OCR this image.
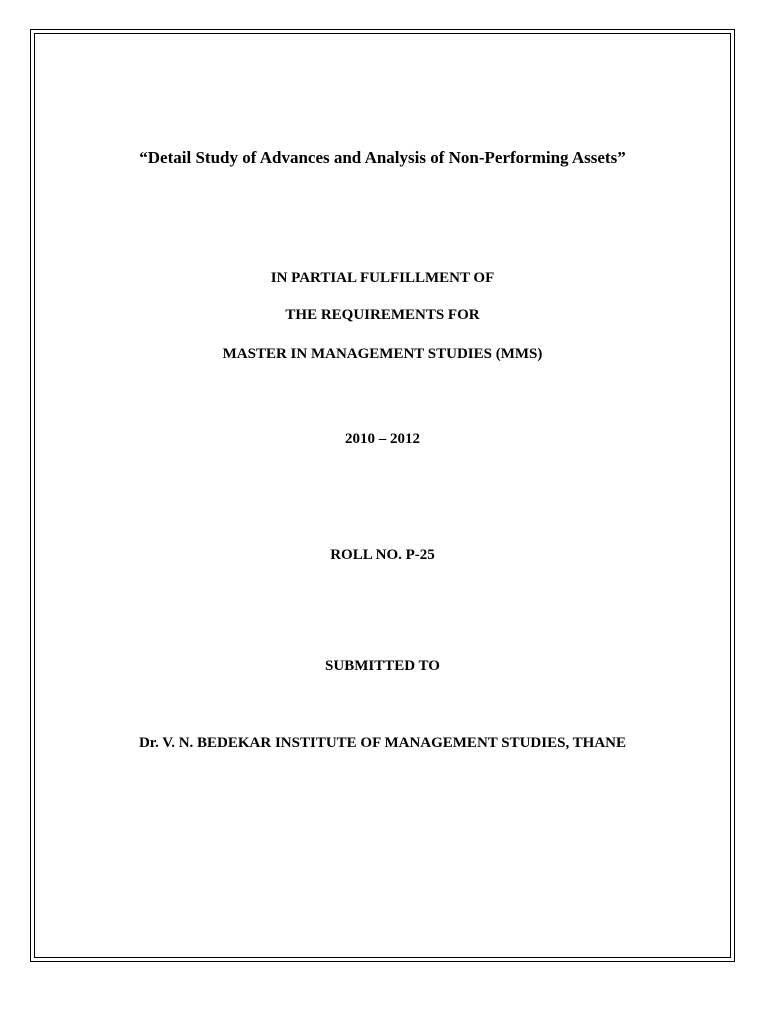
“Detail Study of Advances and Analysis of Non-Performing Assets”
IN PARTIAL FULFILLMENT OF
THE REQUIREMENTS FOR
MASTER IN MANAGEMENT STUDIES (MMS)
2010 – 2012
ROLL NO. P-25
SUBMITTED TO
Dr. V. N. BEDEKAR INSTITUTE OF MANAGEMENT STUDIES, THANE
